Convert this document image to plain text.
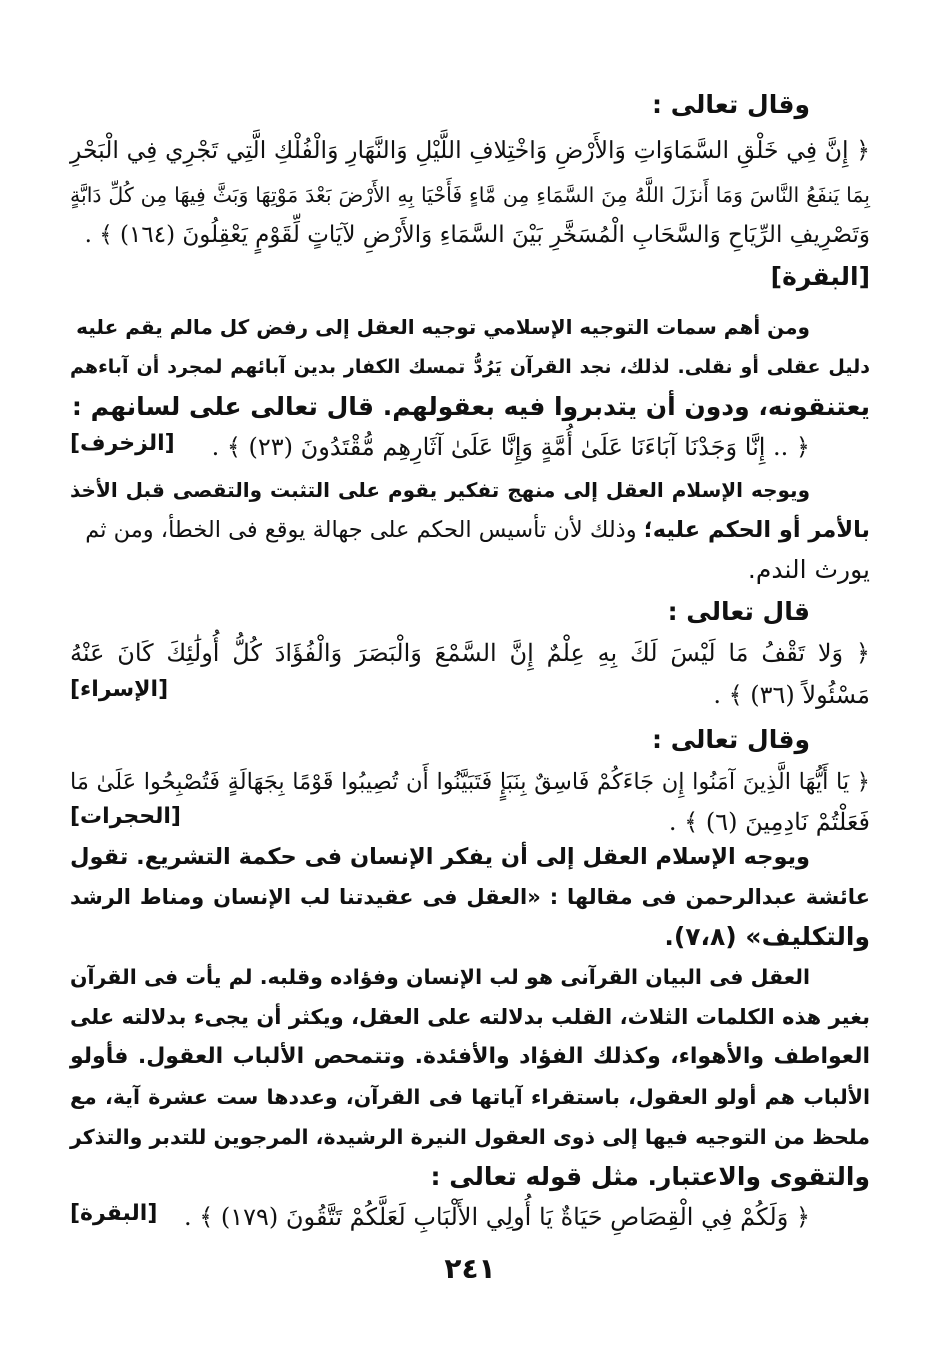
وقال تعالى :
﴿ إِنَّ فِي خَلْقِ السَّمَاوَاتِ وَالأَرْضِ وَاخْتِلافِ اللَّيْلِ وَالنَّهَارِ وَالْفُلْكِ الَّتِي تَجْرِي فِي الْبَحْرِ
بِمَا يَنفَعُ النَّاسَ وَمَا أَنزَلَ اللَّهُ مِنَ السَّمَاءِ مِن مَّاءٍ فَأَحْيَا بِهِ الأَرْضَ بَعْدَ مَوْتِهَا وَبَثَّ فِيهَا مِن كُلِّ دَابَّةٍ
وَتَصْرِيفِ الرِّيَاحِ وَالسَّحَابِ الْمُسَخَّرِ بَيْنَ السَّمَاءِ وَالأَرْضِ لآيَاتٍ لِّقَوْمٍ يَعْقِلُونَ (١٦٤) ﴾ .
[البقرة]
ومن أهم سمات التوجيه الإسلامي توجيه العقل إلى رفض كل مالم يقم عليه
دليل عقلى أو نقلى. لذلك، نجد القرآن يَرُدُّ تمسك الكفار بدين آبائهم لمجرد أن آباءهم
يعتنقونه، ودون أن يتدبروا فيه بعقولهم. قال تعالى على لسانهم :
﴿ .. إِنَّا وَجَدْنَا آبَاءَنَا عَلَىٰ أُمَّةٍ وَإِنَّا عَلَىٰ آثَارِهِم مُّقْتَدُونَ (٢٣) ﴾ .
[الزخرف]
ويوجه الإسلام العقل إلى منهج تفكير يقوم على التثبت والتقصى قبل الأخذ
بالأمر أو الحكم عليه؛ وذلك لأن تأسيس الحكم على جهالة يوقع فى الخطأ، ومن ثم
يورث الندم.
قال تعالى :
﴿ وَلا تَقْفُ مَا لَيْسَ لَكَ بِهِ عِلْمٌ إِنَّ السَّمْعَ وَالْبَصَرَ وَالْفُؤَادَ كُلُّ أُولَٰئِكَ كَانَ عَنْهُ
مَسْئُولاً (٣٦) ﴾ .
[الإسراء]
وقال تعالى :
﴿ يَا أَيُّهَا الَّذِينَ آمَنُوا إِن جَاءَكُمْ فَاسِقٌ بِنَبَإٍ فَتَبَيَّنُوا أَن تُصِيبُوا قَوْمًا بِجَهَالَةٍ فَتُصْبِحُوا عَلَىٰ مَا
فَعَلْتُمْ نَادِمِينَ (٦) ﴾ .
[الحجرات]
ويوجه الإسلام العقل إلى أن يفكر الإنسان فى حكمة التشريع. تقول
عائشة عبدالرحمن فى مقالها : «العقل فى عقيدتنا لب الإنسان ومناط الرشد
والتكليف» (٧،٨).
العقل فى البيان القرآنى هو لب الإنسان وفؤاده وقلبه. لم يأت فى القرآن
بغير هذه الكلمات الثلاث، القلب بدلالته على العقل، ويكثر أن يجىء بدلالته على
العواطف والأهواء، وكذلك الفؤاد والأفئدة. وتتمحص الألباب العقول. فأولو
الألباب هم أولو العقول، باستقراء آياتها فى القرآن، وعددها ست عشرة آية، مع
ملحظ من التوجيه فيها إلى ذوى العقول النيرة الرشيدة، المرجوين للتدبر والتذكر
والتقوى والاعتبار. مثل قوله تعالى :
﴿ وَلَكُمْ فِي الْقِصَاصِ حَيَاةٌ يَا أُولِي الأَلْبَابِ لَعَلَّكُمْ تَتَّقُونَ (١٧٩) ﴾ .
[البقرة]
٢٤١
